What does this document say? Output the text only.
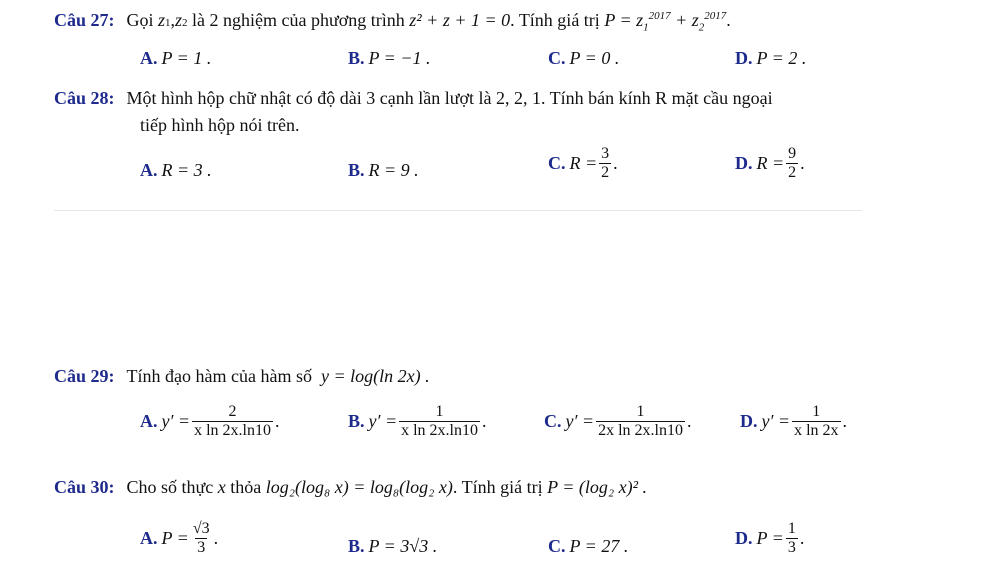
Câu 27: Gọi
z 1 , z 2
là 2 nghiệm của phương trình
z² + z + 1 = 0 . Tính giá trị
$P = z_1^{2017} + z_2^{2017}$ .
A. P = 1 .	B. P = −1 .	C. P = 0 .	D. P = 2 .
Câu 28: Một hình hộp chữ nhật có độ dài 3 cạnh lần lượt là 2, 2, 1. Tính bán kính R mặt cầu ngoại
tiếp hình hộp nói trên.
A. R = 3 .	B. R = 9 .	C. $R = \frac{3}{2}$ .	D. $R = \frac{9}{2}$ .
Câu 29: Tính đạo hàm của hàm số
y = log(ln 2x) .
A. $y' = \frac{2}{\text{x ln 2x.ln10}}$ .	B. $y' = \frac{1}{\text{x ln 2x.ln10}}$ .	C. $y' = \frac{1}{\text{2x ln 2x.ln10}}$ .	D. $y' = \frac{1}{\text{x ln 2x}}$ .
Câu 30: Cho số thực
x
thỏa
log₂(log₈ x) = log₈(log₂ x) . Tính giá trị
P = (log₂ x)² .
A. $P = \frac{√3}{3}$ .	B. P = 3√3 .	C. P = 27 .	D. $P = \frac{1}{3}$ .
